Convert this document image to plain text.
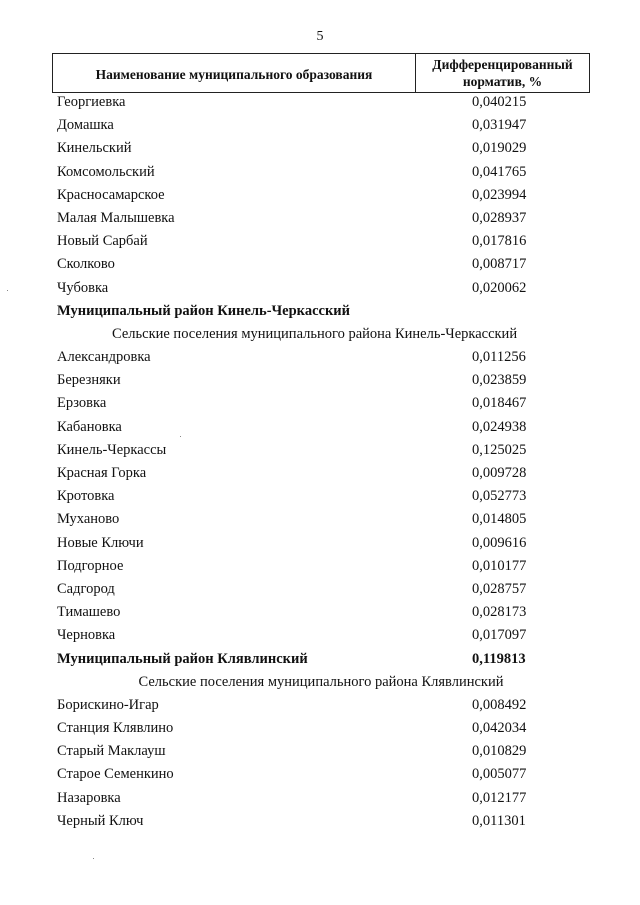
5
Наименование муниципального образования
Дифференцированный
норматив, %
Георгиевка	0,040215
Домашка	0,031947
Кинельский	0,019029
Комсомольский	0,041765
Красносамарское	0,023994
Малая Малышевка	0,028937
Новый Сарбай	0,017816
Сколково	0,008717
Чубовка	0,020062
Муниципальный район Кинель-Черкасский
Сельские поселения муниципального района Кинель-Черкасский
Александровка	0,011256
Березняки	0,023859
Ерзовка	0,018467
Кабановка	0,024938
Кинель-Черкассы	0,125025
Красная Горка	0,009728
Кротовка	0,052773
Муханово	0,014805
Новые Ключи	0,009616
Подгорное	0,010177
Садгород	0,028757
Тимашево	0,028173
Черновка	0,017097
Муниципальный район Клявлинский	0,119813
Сельские поселения муниципального района Клявлинский
Борискино-Игар	0,008492
Станция Клявлино	0,042034
Старый Маклауш	0,010829
Старое Семенкино	0,005077
Назаровка	0,012177
Черный Ключ	0,011301
